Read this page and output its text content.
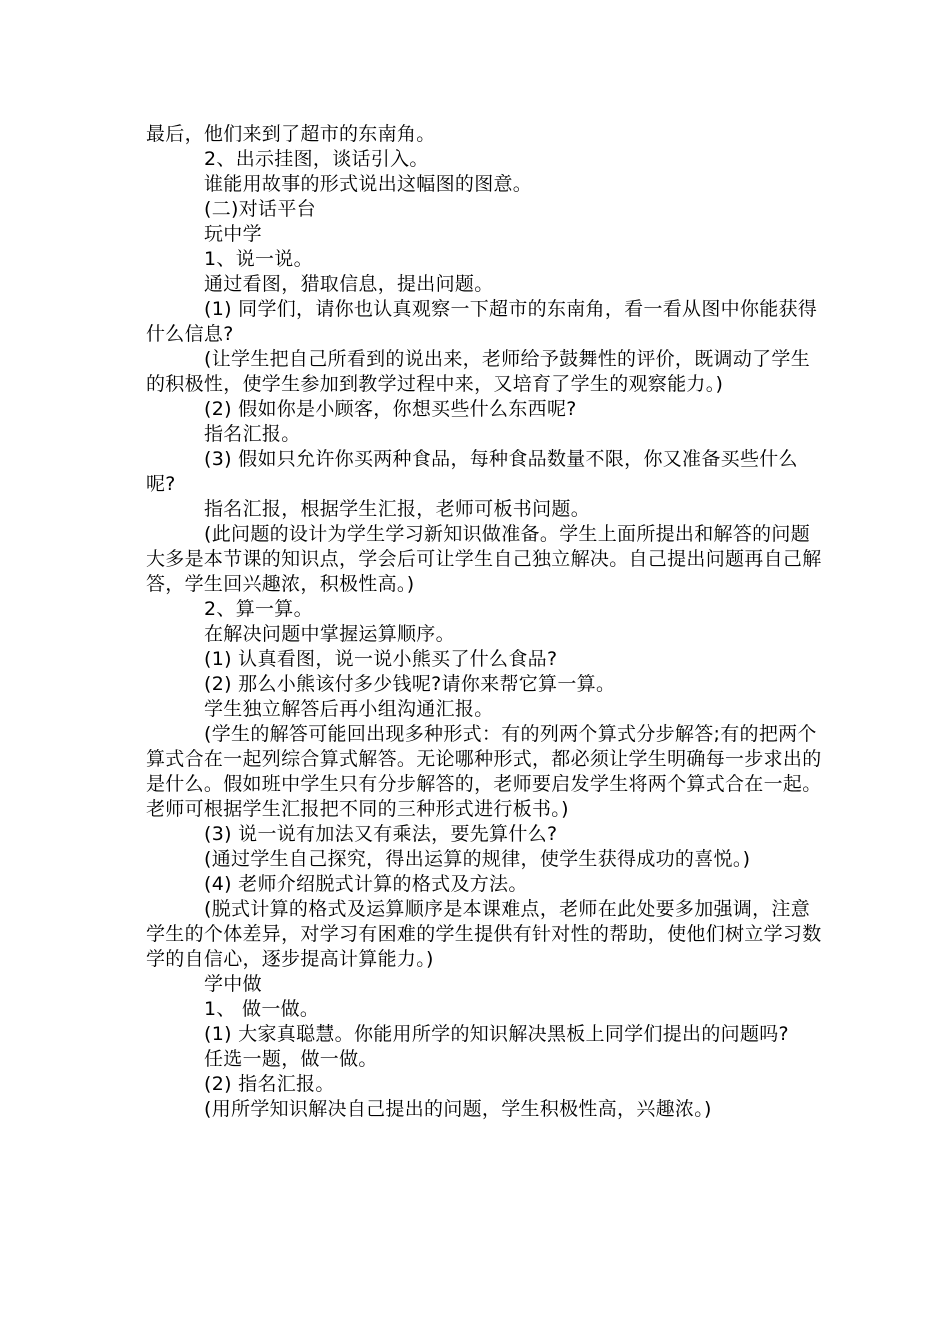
最后，他们来到了超市的东南角。

2、出示挂图，谈话引入。

谁能用故事的形式说出这幅图的图意。

(二)对话平台

玩中学

1、说一说。

通过看图，猎取信息，提出问题。

(1) 同学们，请你也认真观察一下超市的东南角，看一看从图中你能获得什么信息?

(让学生把自己所看到的说出来，老师给予鼓舞性的评价，既调动了学生的积极性，使学生参加到教学过程中来，又培育了学生的观察能力。)

(2) 假如你是小顾客，你想买些什么东西呢?

指名汇报。

(3) 假如只允许你买两种食品，每种食品数量不限，你又准备买些什么呢?

指名汇报，根据学生汇报，老师可板书问题。

(此问题的设计为学生学习新知识做准备。学生上面所提出和解答的问题大多是本节课的知识点，学会后可让学生自己独立解决。自己提出问题再自己解答，学生回兴趣浓，积极性高。)

2、算一算。

在解决问题中掌握运算顺序。

(1) 认真看图，说一说小熊买了什么食品?

(2) 那么小熊该付多少钱呢?请你来帮它算一算。

学生独立解答后再小组沟通汇报。

(学生的解答可能回出现多种形式：有的列两个算式分步解答;有的把两个算式合在一起列综合算式解答。无论哪种形式，都必须让学生明确每一步求出的是什么。假如班中学生只有分步解答的，老师要启发学生将两个算式合在一起。老师可根据学生汇报把不同的三种形式进行板书。)

(3) 说一说有加法又有乘法，要先算什么?

(通过学生自己探究，得出运算的规律，使学生获得成功的喜悦。)

(4) 老师介绍脱式计算的格式及方法。

(脱式计算的格式及运算顺序是本课难点，老师在此处要多加强调，注意学生的个体差异，对学习有困难的学生提供有针对性的帮助，使他们树立学习数学的自信心，逐步提高计算能力。)

学中做

1、 做一做。

(1) 大家真聪慧。你能用所学的知识解决黑板上同学们提出的问题吗?

任选一题，做一做。

(2) 指名汇报。

(用所学知识解决自己提出的问题，学生积极性高，兴趣浓。)
